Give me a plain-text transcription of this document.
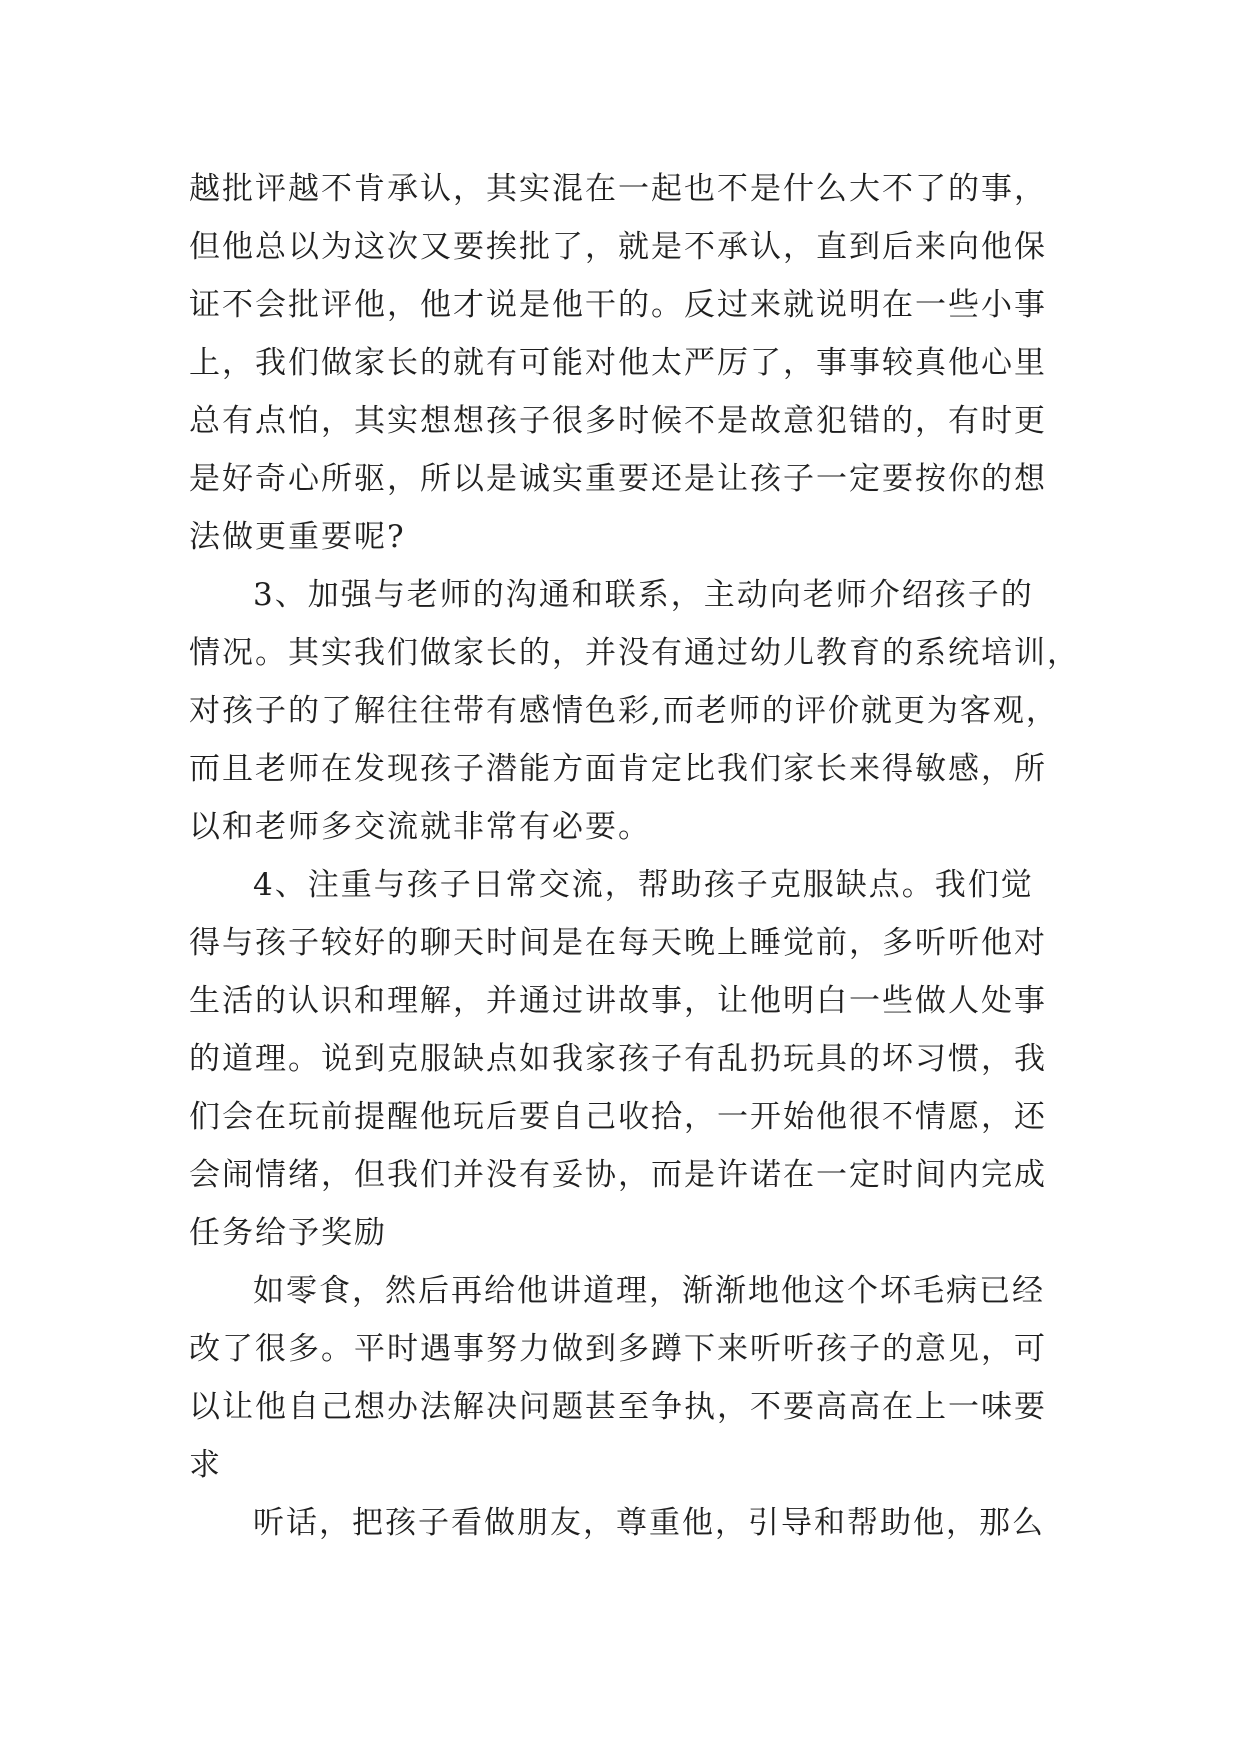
越批评越不肯承认，其实混在一起也不是什么大不了的事，
但他总以为这次又要挨批了，就是不承认，直到后来向他保
证不会批评他，他才说是他干的。反过来就说明在一些小事
上，我们做家长的就有可能对他太严厉了，事事较真他心里
总有点怕，其实想想孩子很多时候不是故意犯错的，有时更
是好奇心所驱，所以是诚实重要还是让孩子一定要按你的想
法做更重要呢?
3、加强与老师的沟通和联系，主动向老师介绍孩子的
情况。其实我们做家长的，并没有通过幼儿教育的系统培训，
对孩子的了解往往带有感情色彩,而老师的评价就更为客观，
而且老师在发现孩子潜能方面肯定比我们家长来得敏感，所
以和老师多交流就非常有必要。
4、注重与孩子日常交流，帮助孩子克服缺点。我们觉
得与孩子较好的聊天时间是在每天晚上睡觉前，多听听他对
生活的认识和理解，并通过讲故事，让他明白一些做人处事
的道理。说到克服缺点如我家孩子有乱扔玩具的坏习惯，我
们会在玩前提醒他玩后要自己收拾，一开始他很不情愿，还
会闹情绪，但我们并没有妥协，而是许诺在一定时间内完成
任务给予奖励
如零食，然后再给他讲道理，渐渐地他这个坏毛病已经
改了很多。平时遇事努力做到多蹲下来听听孩子的意见，可
以让他自己想办法解决问题甚至争执，不要高高在上一味要
求
听话，把孩子看做朋友，尊重他，引导和帮助他，那么
